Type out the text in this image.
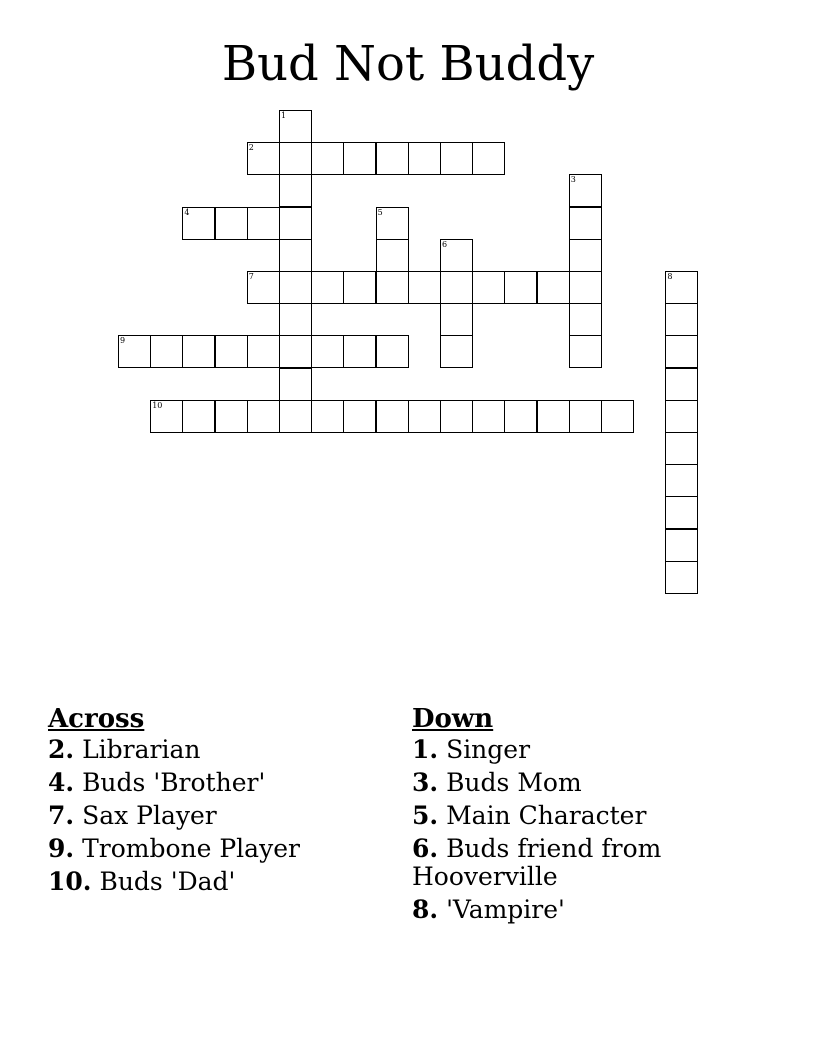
Bud Not Buddy
1
2
3
4	5
6
7	8
9
10
Across
2. Librarian
4. Buds 'Brother'
7. Sax Player
9. Trombone Player
10. Buds 'Dad'
Down
1. Singer
3. Buds Mom
5. Main Character
6. Buds friend from Hooverville
8. 'Vampire'
